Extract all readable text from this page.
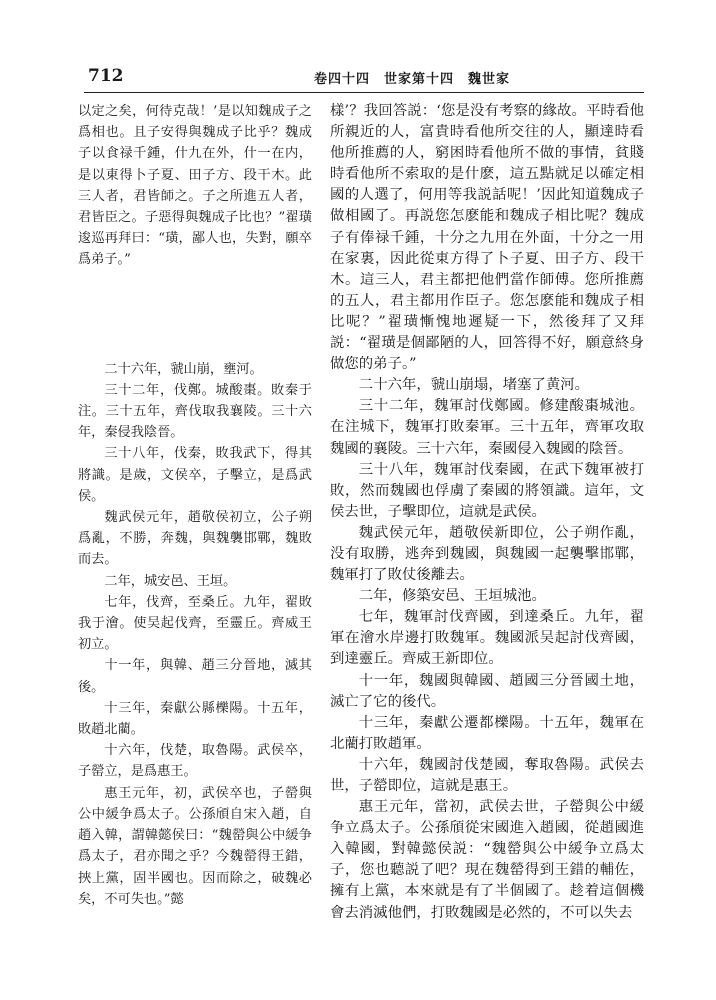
712	卷四十四　世家第十四　魏世家

以定之矣，何待克哉！’是以知魏成子之爲相也。且子安得與魏成子比乎？魏成子以食禄千鍾，什九在外，什一在内，是以東得卜子夏、田子方、段干木。此三人者，君皆師之。子之所進五人者，君皆臣之。子惡得與魏成子比也？”翟璜逡巡再拜曰：“璜，鄙人也，失對，願卒爲弟子。”

二十六年，虢山崩，壅河。

三十二年，伐鄭。城酸棗。敗秦于注。三十五年，齊伐取我襄陵。三十六年，秦侵我陰晉。

三十八年，伐秦，敗我武下，得其將識。是歲，文侯卒，子擊立，是爲武侯。

魏武侯元年，趙敬侯初立，公子朔爲亂，不勝，奔魏，與魏襲邯鄲，魏敗而去。

二年，城安邑、王垣。

七年，伐齊，至桑丘。九年，翟敗我于澮。使吴起伐齊，至靈丘。齊威王初立。

十一年，與韓、趙三分晉地，滅其後。

十三年，秦獻公縣櫟陽。十五年，敗趙北藺。

十六年，伐楚，取魯陽。武侯卒，子罃立，是爲惠王。

惠王元年，初，武侯卒也，子罃與公中緩争爲太子。公孫頎自宋入趙，自趙入韓，謂韓懿侯曰：“魏罃與公中緩争爲太子，君亦聞之乎？今魏罃得王錯，挾上黨，固半國也。因而除之，破魏必矣，不可失也。”懿

樣’？我回答説：‘您是没有考察的緣故。平時看他所親近的人，富貴時看他所交往的人，顯達時看他所推薦的人，窮困時看他所不做的事情，貧賤時看他所不索取的是什麽，這五點就足以確定相國的人選了，何用等我説話呢！’因此知道魏成子做相國了。再説您怎麽能和魏成子相比呢？魏成子有俸禄千鍾，十分之九用在外面，十分之一用在家裏，因此從東方得了卜子夏、田子方、段干木。這三人，君主都把他們當作師傅。您所推薦的五人，君主都用作臣子。您怎麽能和魏成子相比呢？”翟璜慚愧地遲疑一下，然後拜了又拜説：“翟璜是個鄙陋的人，回答得不好，願意終身做您的弟子。”

二十六年，虢山崩塌，堵塞了黄河。

三十二年，魏軍討伐鄭國。修建酸棗城池。在注城下，魏軍打敗秦軍。三十五年，齊軍攻取魏國的襄陵。三十六年，秦國侵入魏國的陰晉。

三十八年，魏軍討伐秦國，在武下魏軍被打敗，然而魏國也俘虜了秦國的將領識。這年，文侯去世，子擊即位，這就是武侯。

魏武侯元年，趙敬侯新即位，公子朔作亂，没有取勝，逃奔到魏國，與魏國一起襲擊邯鄲，魏軍打了敗仗後離去。

二年，修築安邑、王垣城池。

七年，魏軍討伐齊國，到達桑丘。九年，翟軍在澮水岸邊打敗魏軍。魏國派吴起討伐齊國，到達靈丘。齊威王新即位。

十一年，魏國與韓國、趙國三分晉國土地，滅亡了它的後代。

十三年，秦獻公遷都櫟陽。十五年，魏軍在北藺打敗趙軍。

十六年，魏國討伐楚國，奪取魯陽。武侯去世，子罃即位，這就是惠王。

惠王元年，當初，武侯去世，子罃與公中緩争立爲太子。公孫頎從宋國進入趙國，從趙國進入韓國，對韓懿侯説：“魏罃與公中緩争立爲太子，您也聽説了吧？現在魏罃得到王錯的輔佐，擁有上黨，本來就是有了半個國了。趁着這個機會去消滅他們，打敗魏國是必然的，不可以失去
